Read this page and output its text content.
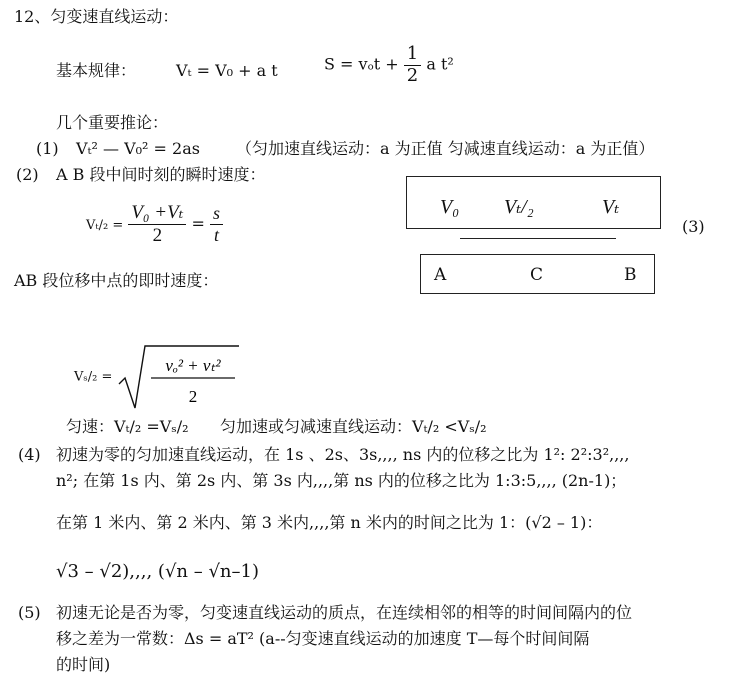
12、匀变速直线运动：
基本规律： Vₜ = V₀ + a t	$S = v_ot + \frac{1}{2}$ a t²
几个重要推论：
(1) Vₜ² — V₀² = 2as （匀加速直线运动：a 为正值 匀减速直线运动：a 为正值）
(2) A B 段中间时刻的瞬时速度：
$V_t/_2 = \frac{\text{V₀ +Vₜ}}{2} = \frac{s}{t}$	V₀ Vₜ/₂	Vₜ
A	C	B
(3)
AB 段位移中点的即时速度：
Vₛ/₂ =
vₒ² + vₜ²
2
匀速：Vₜ/₂ =Vₛ/₂ 匀加速或匀减速直线运动：Vₜ/₂ <Vₛ/₂
(4) 初速为零的匀加速直线运动，在 1s 、2s、3s,,,, ns 内的位移之比为 1²: 2²:3²,,,,
n²; 在第 1s 内、第 2s 内、第 3s 内,,,,第 ns 内的位移之比为 1:3:5,,,, (2n-1)；
在第 1 米内、第 2 米内、第 3 米内,,,,第 n 米内的时间之比为 1：(√2 – 1)：
√3 – √2),,,, (√n – √n–1)
(5) 初速无论是否为零，匀变速直线运动的质点，在连续相邻的相等的时间间隔内的位
移之差为一常数：Δs = aT² (a--匀变速直线运动的加速度 T—每个时间间隔
的时间)
